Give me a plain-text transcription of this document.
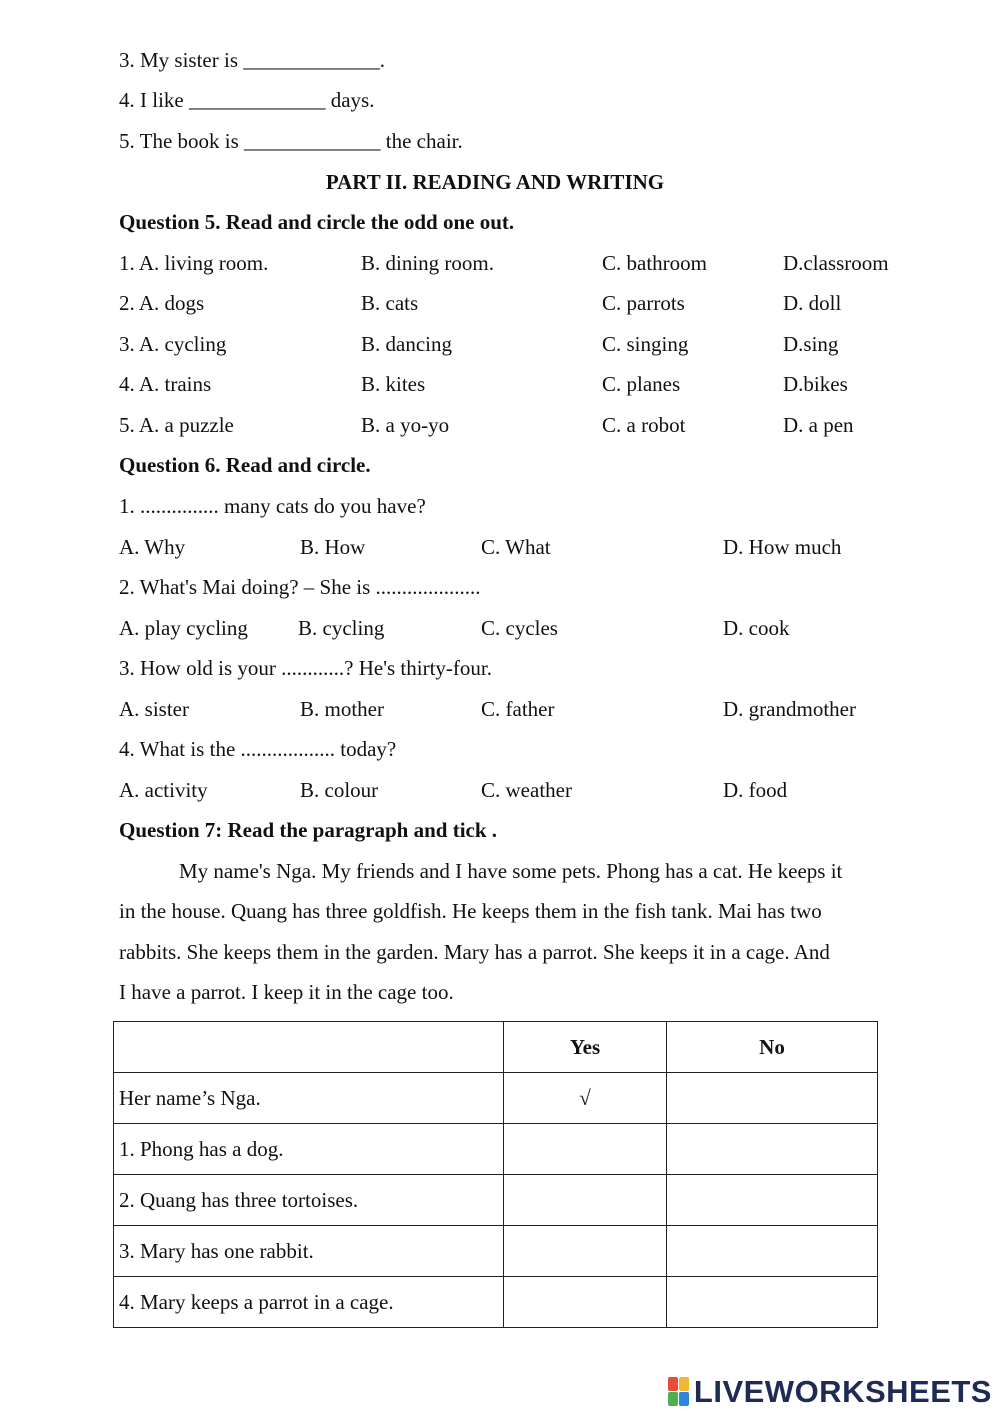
3. My sister is _____________.
4. I like _____________ days.
5. The book is _____________ the chair.
PART II. READING AND WRITING
Question 5. Read and circle the odd one out.
1. A. living room.	B. dining room.	C. bathroom	D.classroom
2. A. dogs	B. cats	C. parrots	D. doll
3. A. cycling	B. dancing	C. singing	D.sing
4. A. trains	B. kites	C. planes	D.bikes
5. A. a puzzle	B. a yo-yo	C. a robot	D. a pen
Question 6. Read and circle.
1. ............... many cats do you have?
A. Why	B. How	C. What	D. How much
2. What's Mai doing? – She is ....................
A. play cycling B. cycling	C. cycles	D. cook
3. How old is your ............? He's thirty-four.
A. sister	B. mother	C. father	D. grandmother
4. What is the .................. today?
A. activity	B. colour	C. weather	D. food
Question 7: Read the paragraph and tick .
My name's Nga. My friends and I have some pets. Phong has a cat. He keeps it
in the house. Quang has three goldfish. He keeps them in the fish tank. Mai has two
rabbits. She keeps them in the garden. Mary has a parrot. She keeps it in a cage. And
I have a parrot. I keep it in the cage too.
	Yes	No
Her name’s Nga.	√	
1. Phong has a dog.		
2. Quang has three tortoises.		
3. Mary has one rabbit.		
4. Mary keeps a parrot in a cage.		
LIVEWORKSHEETS
